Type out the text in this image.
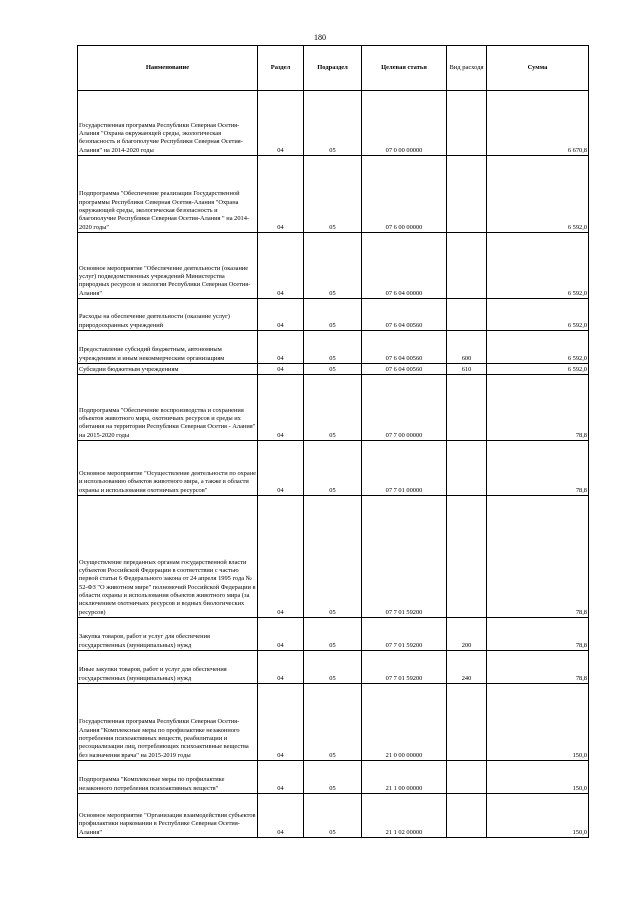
180
Наименование	Раздел	Подраздел	Целевая статья	Вид расходя	Сумма
Государственная программа Республики Северная Осетия-Алания "Охрана окружающей среды, экологическая безопасность и благополучие Республики Северная Осетия-Алания" на 2014-2020 годы	04	05	07 0 00 00000		6 670,8
Подпрограмма "Обеспечение реализации Государственной программы Республики Северная Осетия-Алания "Охрана окружающей среды, экологическая безопасность и благополучие Республики Северная Осетия-Алания " на 2014-2020 годы"	04	05	07 6 00 00000		6 592,0
Основное мероприятие "Обеспечение деятельности (оказание услуг) подведомственных учреждений Министерства природных ресурсов и экологии Республики Северная Осетия-Алания"	04	05	07 6 04 00000		6 592,0
Расходы на обеспечение деятельности (оказание услуг) природоохранных учреждений	04	05	07 6 04 00560		6 592,0
Предоставление субсидий бюджетным, автономным учреждениям и иным некоммерческим организациям	04	05	07 6 04 00560	600	6 592,0
Субсидии бюджетным учреждениям	04	05	07 6 04 00560	610	6 592,0
Подпрограмма "Обеспечение воспроизводства и сохранения объектов животного мира, охотничьих ресурсов и среды их обитания на территории Республики Северная Осетия - Алания" на 2015-2020 годы	04	05	07 7 00 00000		78,8
Основное мероприятие "Осуществление деятельности по охране и использованию объектов животного мира, а также в области охраны и использования охотничьих ресурсов"	04	05	07 7 01 00000		78,8
Осуществление переданных органам государственной власти субъектов Российской Федерации в соответствии с частью первой статьи 6 Федерального закона от 24 апреля 1995 года № 52-ФЗ "О животном мире" полномочий Российской Федерации в области охраны и использования объектов животного мира (за исключением охотничьих ресурсов и водных биологических ресурсов)	04	05	07 7 01 59200		78,8
Закупка товаров, работ и услуг для обеспечения государственных (муниципальных) нужд	04	05	07 7 01 59200	200	78,8
Иные закупки товаров, работ и услуг для обеспечения государственных (муниципальных) нужд	04	05	07 7 01 59200	240	78,8
Государственная программа Республики Северная Осетия-Алания "Комплексные меры по профилактике незаконного потребления психоактивных веществ, реабилитации и ресоциализации лиц, потребляющих психоактивные вещества без назначения врача" на 2015-2019 годы	04	05	21 0 00 00000		150,0
Подпрограмма "Комплексные меры по профилактике незаконного потребления психоактивных веществ"	04	05	21 1 00 00000		150,0
Основное мероприятие "Организация взаимодействия субъектов профилактики наркомании в Республике Северная Осетия-Алания"	04	05	21 1 02 00000		150,0
